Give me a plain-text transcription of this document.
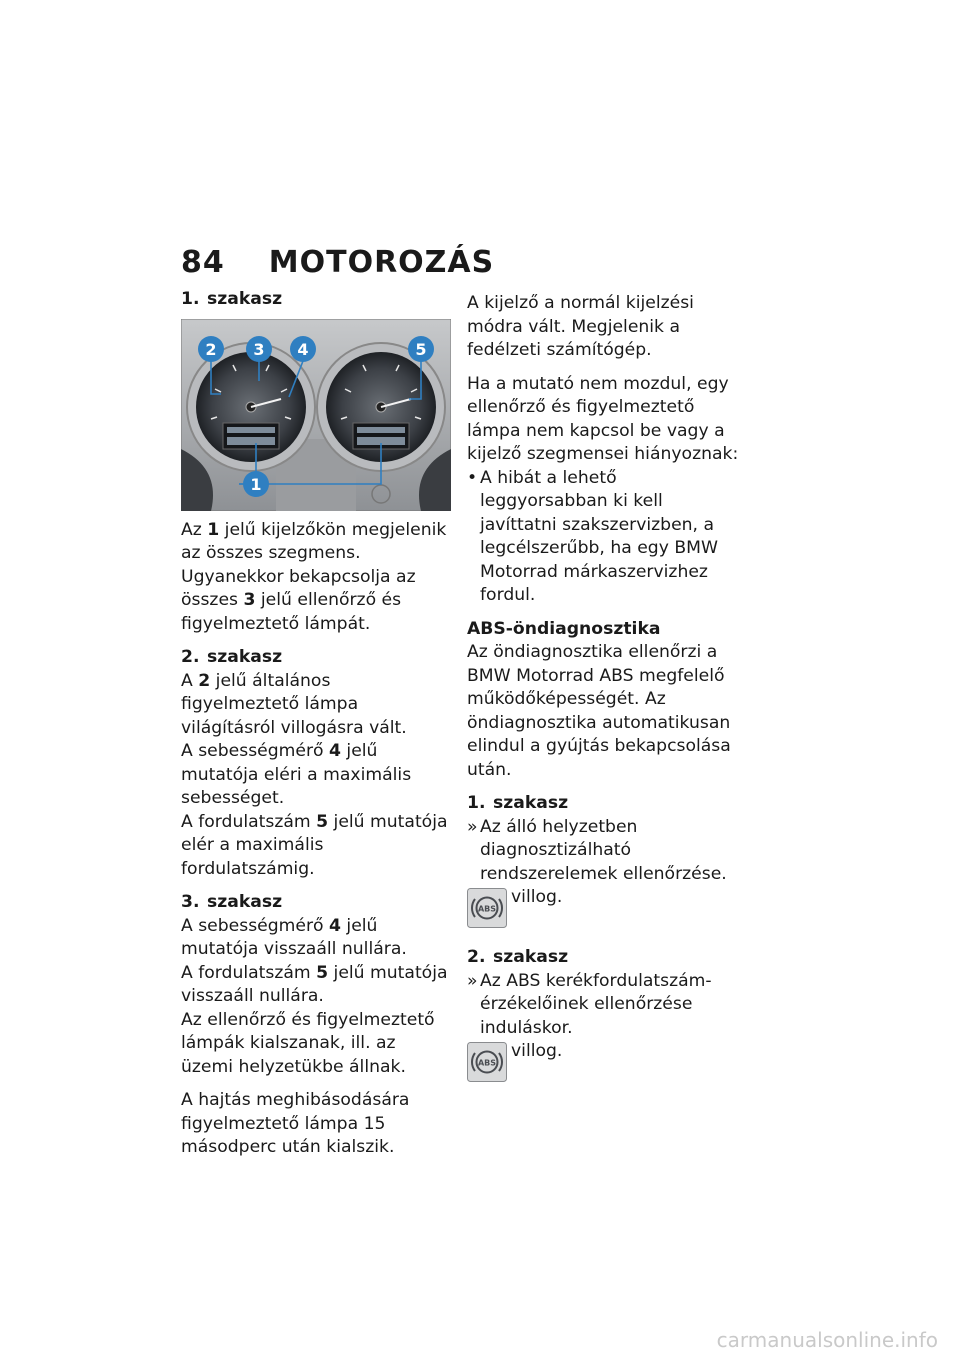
84 MOTOROZÁS
1. szakasz
2 3 4	5
1

Az 1 jelű kijelzőkön megjelenik az összes szegmens.

Ugyanekkor bekapcsolja az összes 3 jelű ellenőrző és figyelmeztető lámpát.

2. szakasz

A 2 jelű általános figyelmeztető lámpa világításról villogásra vált.

A sebességmérő 4 jelű mutatója eléri a maximális sebességet.

A fordulatszám 5 jelű mutatója elér a maximális fordulatszámig.

3. szakasz

A sebességmérő 4 jelű mutatója visszaáll nullára.

A fordulatszám 5 jelű mutatója visszaáll nullára.

Az ellenőrző és figyelmeztető lámpák kialszanak, ill. az üzemi helyzetükbe állnak.

A hajtás meghibásodására figyelmeztető lámpa 15 másodperc után kialszik.

A kijelző a normál kijelzési módra vált. Megjelenik a fedélzeti számítógép.

Ha a mutató nem mozdul, egy ellenőrző és figyelmeztető lámpa nem kapcsol be vagy a kijelző szegmensei hiányoznak:

• A hibát a lehető leggyorsabban ki kell javíttatni szakszervizben, a legcélszerűbb, ha egy BMW Motorrad márkaszervizhez fordul.
ABS-öndiagnosztika

Az öndiagnosztika ellenőrzi a BMW Motorrad ABS megfelelő működőképességét. Az öndiagnosztika automatikusan elindul a gyújtás bekapcsolása után.

1. szakasz
» Az álló helyzetben diagnosztizálható rendszerelemek ellenőrzése.
ABS
villog.
2. szakasz
» Az ABS kerékfordulatszám-érzékelőinek ellenőrzése induláskor.
ABS
villog.
carmanualsonline.info
